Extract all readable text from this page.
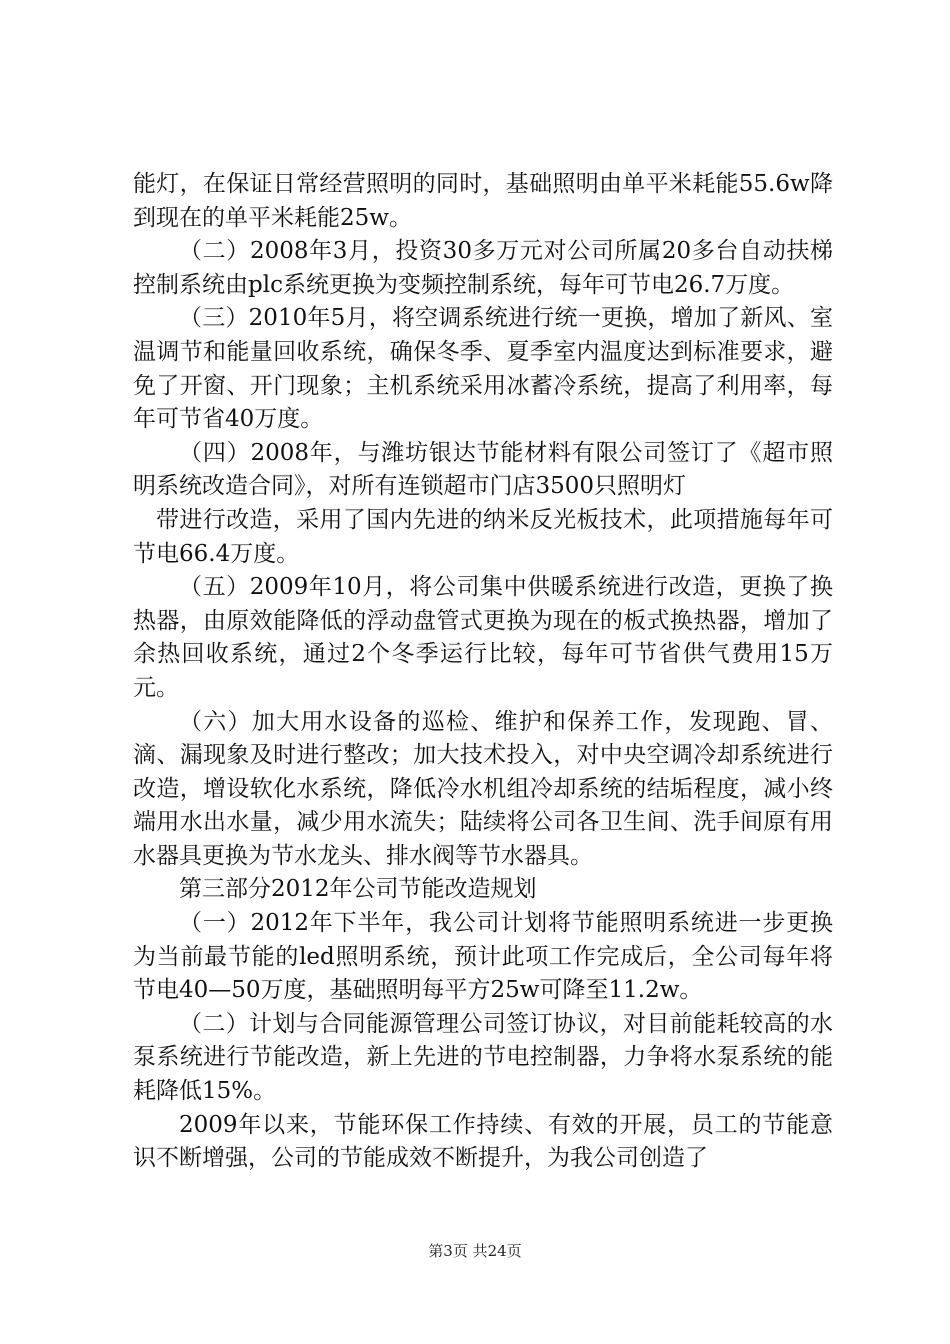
能灯，在保证日常经营照明的同时，基础照明由单平米耗能55.6w降到现在的单平米耗能25w。

（二）2008年3月，投资30多万元对公司所属20多台自动扶梯控制系统由plc系统更换为变频控制系统，每年可节电26.7万度。

（三）2010年5月，将空调系统进行统一更换，增加了新风、室温调节和能量回收系统，确保冬季、夏季室内温度达到标准要求，避免了开窗、开门现象；主机系统采用冰蓄冷系统，提高了利用率，每年可节省40万度。

（四）2008年，与潍坊银达节能材料有限公司签订了《超市照明系统改造合同》，对所有连锁超市门店3500只照明灯

带进行改造，采用了国内先进的纳米反光板技术，此项措施每年可节电66.4万度。

（五）2009年10月，将公司集中供暖系统进行改造，更换了换热器，由原效能降低的浮动盘管式更换为现在的板式换热器，增加了余热回收系统，通过2个冬季运行比较，每年可节省供气费用15万元。

（六）加大用水设备的巡检、维护和保养工作，发现跑、冒、滴、漏现象及时进行整改；加大技术投入，对中央空调冷却系统进行改造，增设软化水系统，降低冷水机组冷却系统的结垢程度，减小终端用水出水量，减少用水流失；陆续将公司各卫生间、洗手间原有用水器具更换为节水龙头、排水阀等节水器具。

第三部分2012年公司节能改造规划

（一）2012年下半年，我公司计划将节能照明系统进一步更换为当前最节能的led照明系统，预计此项工作完成后，全公司每年将节电40—50万度，基础照明每平方25w可降至11.2w。

（二）计划与合同能源管理公司签订协议，对目前能耗较高的水泵系统进行节能改造，新上先进的节电控制器，力争将水泵系统的能耗降低15%。

2009年以来，节能环保工作持续、有效的开展，员工的节能意识不断增强，公司的节能成效不断提升，为我公司创造了

第3页 共24页
